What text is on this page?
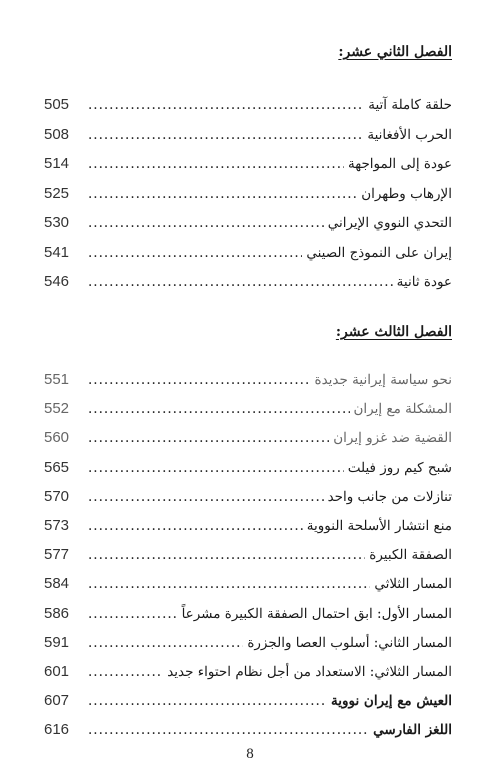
الفصل الثاني عشر:
حلقة كاملة آتية
.....
505
الحرب الأفغانية
.....
508
عودة إلى المواجهة
.....
514
الإرهاب وطهران
.....
525
التحدي النووي الإيراني
.....
530
إيران على النموذج الصيني
.....
541
عودة ثانية
.....
546
الفصل الثالث عشر:
نحو سياسة إيرانية جديدة
.....
551
المشكلة مع إيران
.....
552
القضية ضد غزو إيران
.....
560
شبح كيم روز فيلت
.....
565
تنازلات من جانب واحد
.....
570
منع انتشار الأسلحة النووية
.....
573
الصفقة الكبيرة
.....
577
المسار الثلاثي
.....
584
المسار الأول: ابق احتمال الصفقة الكبيرة مشرعاً
.....
586
المسار الثاني: أسلوب العصا والجزرة
.....
591
المسار الثلاثي: الاستعداد من أجل نظام احتواء جديد
.....
601
العيش مع إيران نووية
.....
607
اللغز الفارسي
.....
616
8
